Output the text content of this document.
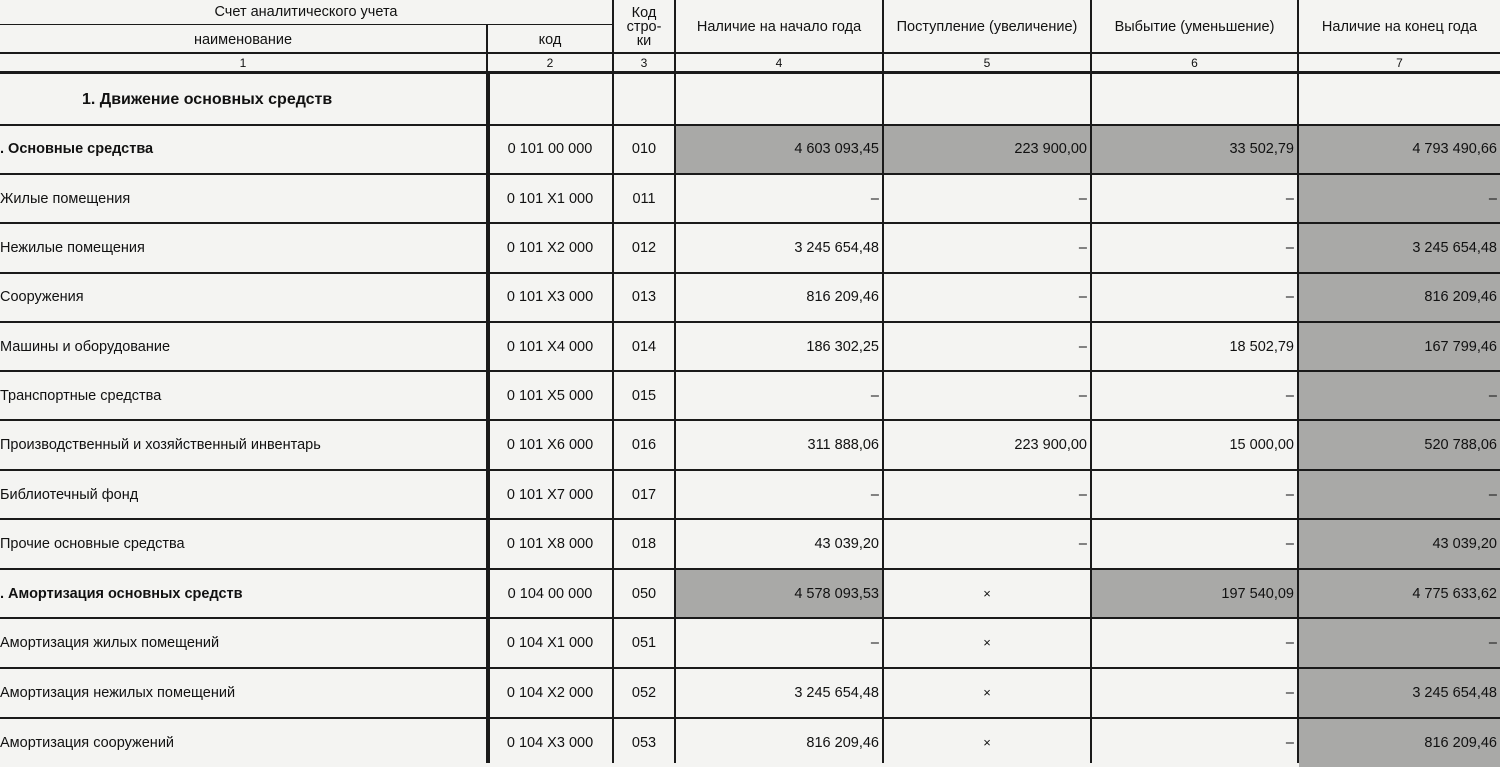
Счет аналитического учета
наименование	код
Код
стро-
ки
Наличие на начало года	Поступление (увеличение)	Выбытие (уменьшение)	Наличие на конец года
1	2	3	4	5	6	7
1. Движение основных средств
. Основные средства	0 101 00 000	010	4 603 093,45	223 900,00	33 502,79	4 793 490,66
Жилые помещения	0 101 X1 000	011	–	–	–	–
Нежилые помещения	0 101 X2 000	012	3 245 654,48	–	–	3 245 654,48
Сооружения	0 101 X3 000	013	816 209,46	–	–	816 209,46
Машины и оборудование	0 101 X4 000	014	186 302,25	–	18 502,79	167 799,46
Транспортные средства	0 101 X5 000	015	–	–	–	–
Производственный и хозяйственный инвентарь	0 101 X6 000	016	311 888,06	223 900,00	15 000,00	520 788,06
Библиотечный фонд	0 101 X7 000	017	–	–	–	–
Прочие основные средства	0 101 X8 000	018	43 039,20	–	–	43 039,20
. Амортизация основных средств	0 104 00 000	050	4 578 093,53	×	197 540,09	4 775 633,62
Амортизация жилых помещений	0 104 X1 000	051	–	×	–	–
Амортизация нежилых помещений	0 104 X2 000	052	3 245 654,48	×	–	3 245 654,48
Амортизация сооружений	0 104 X3 000	053	816 209,46	×	–	816 209,46
